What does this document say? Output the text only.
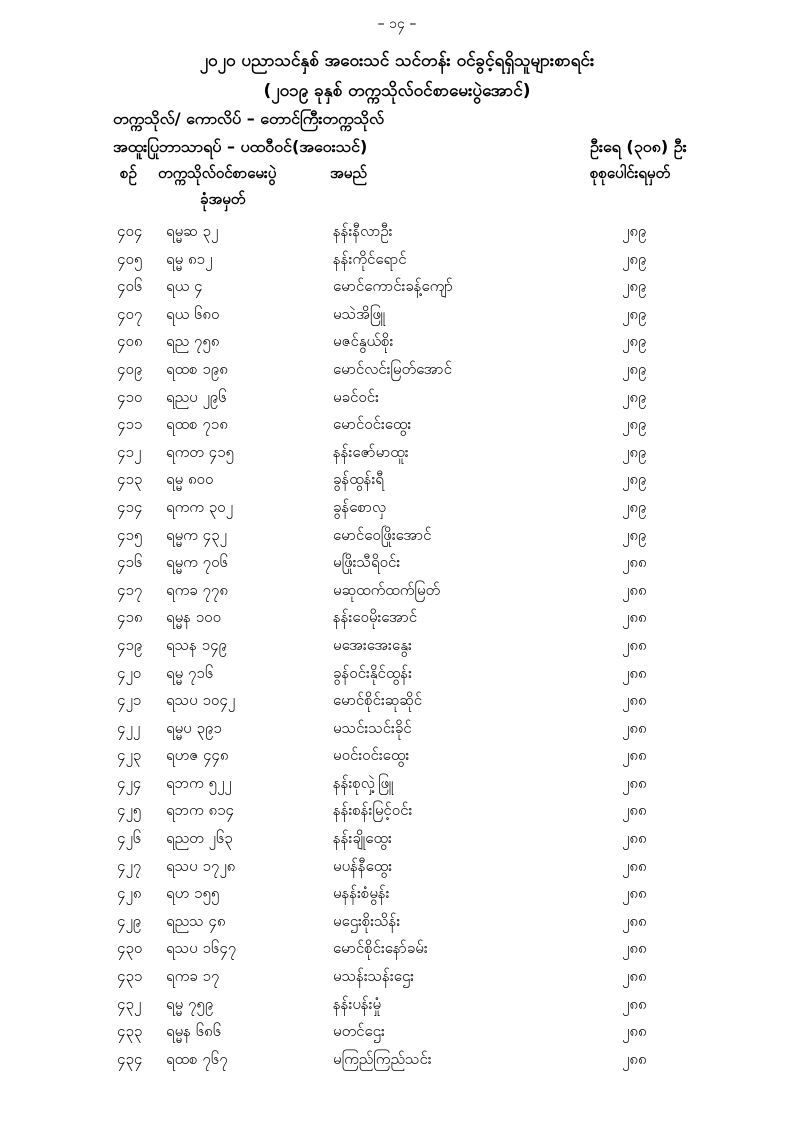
– ၁၄ –
၂၀၂၀ ပညာသင်နှစ် အဝေးသင် သင်တန်း ဝင်ခွင့်ရရှိသူများစာရင်း
(၂၀၁၉ ခုနှစ် တက္ကသိုလ်ဝင်စာမေးပွဲအောင်)
တက္ကသိုလ်/ ကောလိပ် – တောင်ကြီးတက္ကသိုလ်
အထူးပြုဘာသာရပ် – ပထဝီဝင်(အဝေးသင်)	ဦးရေ (၃၀၈) ဦး
စဉ် တက္ကသိုလ်ဝင်စာမေးပွဲ
ခုံအမှတ်
အမည်	စုစုပေါင်းရမှတ်
၄၀၄ ရမ္မဆ ၃၂	နန်းနီလာဦး	၂၈၉
၄၀၅ ရမ္မ ၈၁၂	နန်းကိုင်ရောင်	၂၈၉
၄၀၆ ရယ ၄	မောင်ကောင်းခန့်ကျော်	၂၈၉
၄၀၇ ရယ ၆၈၀	မသဲအိဖြူ	၂၈၉
၄၀၈ ရည ၇၅၈	မဇင်နွယ်စိုး	၂၈၉
၄၀၉ ရထစ ၁၉၈	မောင်လင်းမြတ်အောင်	၂၈၉
၄၁၀ ရညပ ၂၉၆	မခင်ဝင်း	၂၈၉
၄၁၁ ရထစ ၇၁၈	မောင်ဝင်းထွေး	၂၈၉
၄၁၂ ရကတ ၄၁၅	နန်းဇော်မာထူး	၂၈၉
၄၁၃ ရမ္မ ၈၀၀	ခွန်ထွန်းရီ	၂၈၉
၄၁၄ ရကက ၃၀၂	ခွန်စောလှ	၂၈၉
၄၁၅ ရမ္မက ၄၃၂	မောင်ဝေဖြိုးအောင်	၂၈၉
၄၁၆ ရမ္မက ၇၀၆	မဖြိုးသီရိဝင်း	၂၈၈
၄၁၇ ရကခ ၇၇၈	မဆုထက်ထက်မြတ်	၂၈၈
၄၁၈ ရမ္မန ၁၀၀	နန်းဝေမိုးအောင်	၂၈၈
၄၁၉ ရသန ၁၄၉	မအေးအေးနွေး	၂၈၈
၄၂၀ ရမ္မ ၇၁၆	ခွန်ဝင်းနိုင်ထွန်း	၂၈၈
၄၂၁ ရသပ ၁၀၄၂	မောင်စိုင်းဆုဆိုင်	၂၈၈
၄၂၂ ရမ္မပ ၃၉၁	မသင်းသင်းခိုင်	၂၈၈
၄၂၃ ရဟဇ ၄၄၈	မဝင်းဝင်းထွေး	၂၈၈
၄၂၄ ရဘက ၅၂၂	နန်းစုလှဲ့ဖြူ	၂၈၈
၄၂၅ ရဘက ၈၁၄	နန်းစန်းမြင့်ဝင်း	၂၈၈
၄၂၆ ရညတ ၂၆၃	နန်းချိုထွေး	၂၈၈
၄၂၇ ရသပ ၁၇၂၈	မပန်နီထွေး	၂၈၈
၄၂၈ ရဟ ၁၅၅	မနန်းစံမွန်း	၂၈၈
၄၂၉ ရညသ ၄၈	မဌေးစိုးသိန်း	၂၈၈
၄၃၀ ရသပ ၁၆၄၇	မောင်စိုင်းနော်ခမ်း	၂၈၈
၄၃၁ ရကခ ၁၇	မသန်းသန်းဌေး	၂၈၈
၄၃၂ ရမ္မ ၇၅၉	နန်းပန်းမှုံ	၂၈၈
၄၃၃ ရမ္မန ၆၈၆	မတင်ဌေး	၂၈၈
၄၃၄ ရထစ ၇၆၇	မကြည်ကြည်သင်း	၂၈၈
